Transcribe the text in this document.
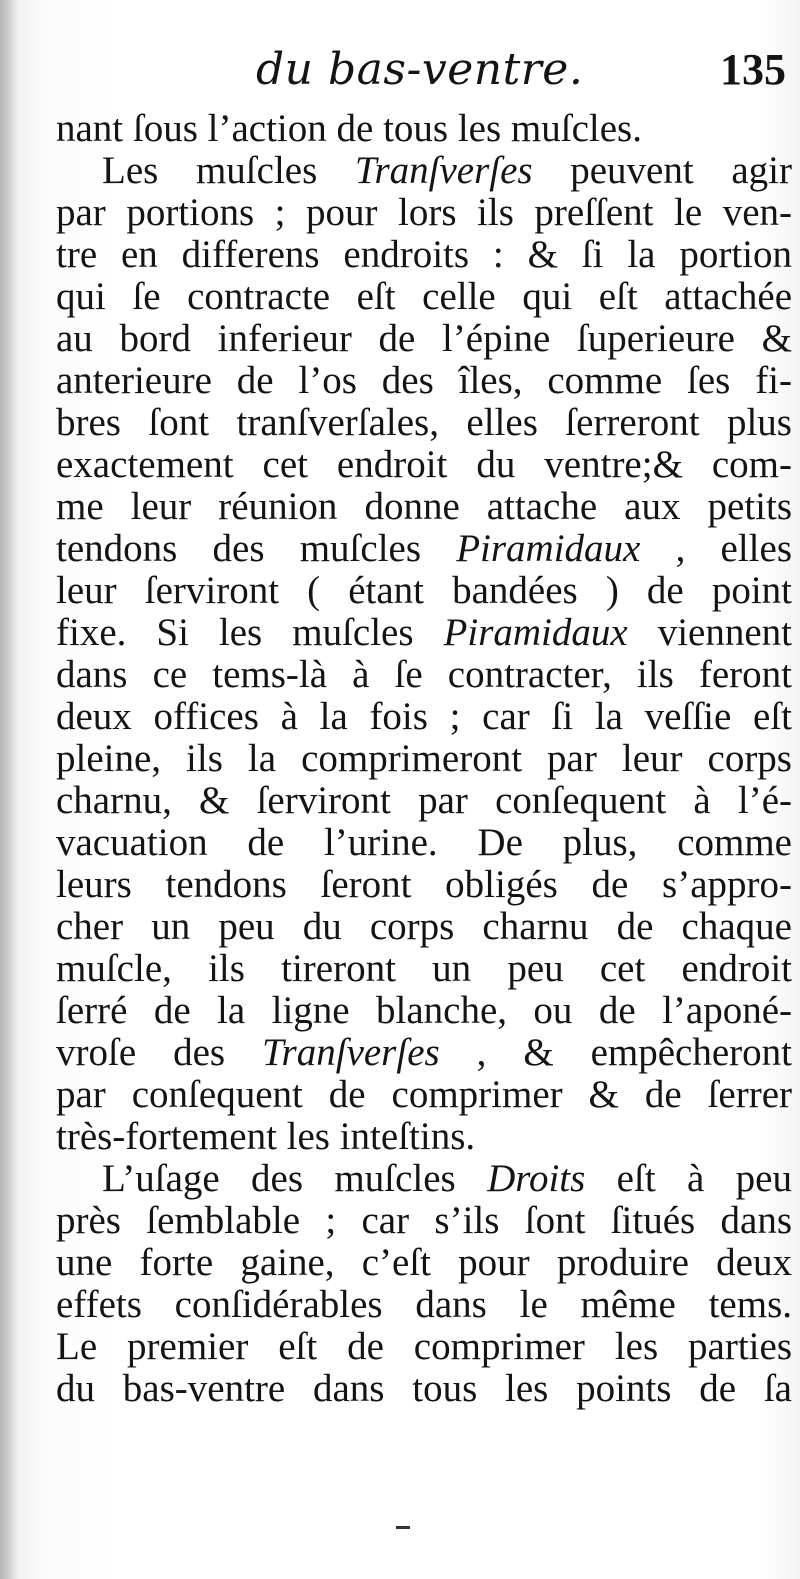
du bas-ventre.	135
nant ſous l’action de tous les muſcles.
Les muſcles Tranſverſes peuvent agir
par portions ; pour lors ils preſſent le ven-
tre en differens endroits : & ſi la portion
qui ſe contracte eſt celle qui eſt attachée
au bord inferieur de l’épine ſuperieure &
anterieure de l’os des îles, comme ſes fi-
bres ſont tranſverſales, elles ſerreront plus
exactement cet endroit du ventre;& com-
me leur réunion donne attache aux petits
tendons des muſcles Piramidaux , elles
leur ſerviront ( étant bandées ) de point
fixe. Si les muſcles Piramidaux viennent
dans ce tems-là à ſe contracter, ils feront
deux offices à la fois ; car ſi la veſſie eſt
pleine, ils la comprimeront par leur corps
charnu, & ſerviront par conſequent à l’é-
vacuation de l’urine. De plus, comme
leurs tendons ſeront obligés de s’appro-
cher un peu du corps charnu de chaque
muſcle, ils tireront un peu cet endroit
ſerré de la ligne blanche, ou de l’aponé-
vroſe des Tranſverſes , & empêcheront
par conſequent de comprimer & de ſerrer
très-fortement les inteſtins.
L’uſage des muſcles Droits eſt à peu
près ſemblable ; car s’ils ſont ſitués dans
une forte gaine, c’eſt pour produire deux
effets conſidérables dans le même tems.
Le premier eſt de comprimer les parties
du bas-ventre dans tous les points de ſa
